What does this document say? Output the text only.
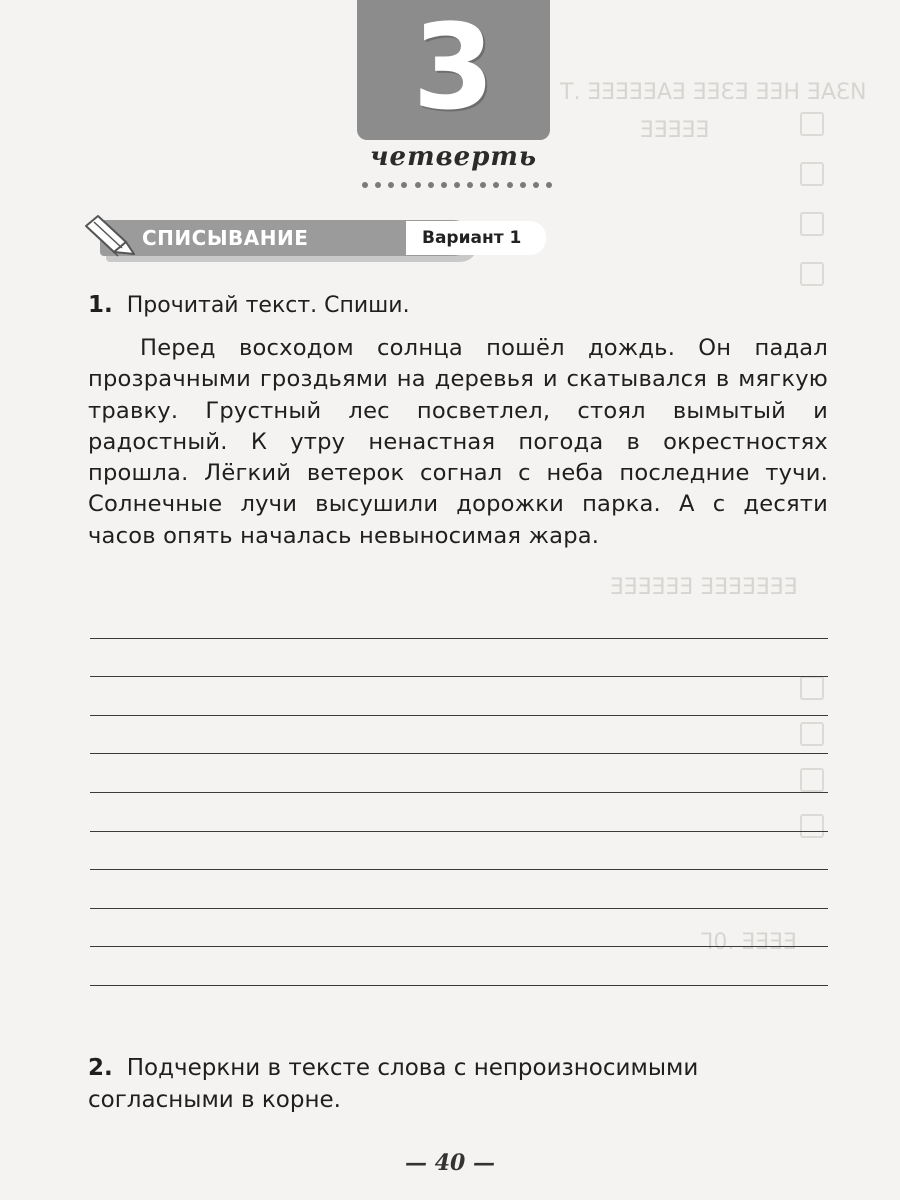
ИЗАЕ НЕЕ ЕЗЕЕ ЕАЕЕЕЕЕ .Т
ЕЕЕЕЕ
ЕЕЕЕЕЕЕ ЕЕЕЕЕЕ
ЕЕЕЕ .0Г
3
четверть
СПИСЫВАНИЕ	Вариант 1
1. Прочитай текст. Спиши.
Перед восходом солнца пошёл дождь. Он падал прозрачными гроздьями на деревья и скатывался в мягкую травку. Грустный лес посветлел, стоял вымытый и радостный. К утру ненастная погода в окрестностях прошла. Лёгкий ветерок согнал с неба последние тучи. Солнечные лучи высушили дорожки парка. А с десяти часов опять началась невыносимая жара.
2. Подчеркни в тексте слова с непроизносимыми согласными в корне.
— 40 —
